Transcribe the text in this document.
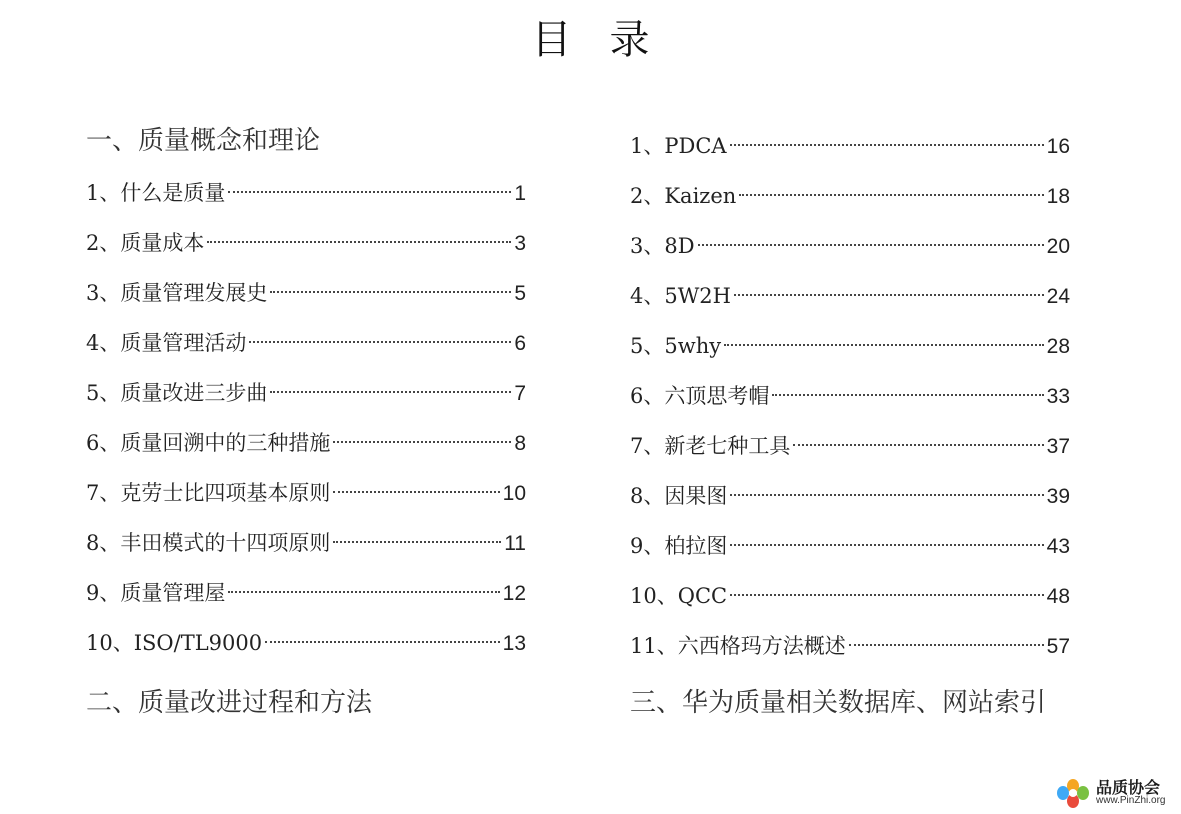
目 录
一、质量概念和理论
1、什么是质量	1
2、质量成本	3
3、质量管理发展史	5
4、质量管理活动	6
5、质量改进三步曲	7
6、质量回溯中的三种措施	8
7、克劳士比四项基本原则	10
8、丰田模式的十四项原则	11
9、质量管理屋	12
10、ISO/TL9000	13
二、质量改进过程和方法
1、PDCA	16
2、Kaizen	18
3、8D	20
4、5W2H	24
5、5why	28
6、六顶思考帽	33
7、新老七种工具	37
8、因果图	39
9、柏拉图	43
10、QCC	48
11、六西格玛方法概述	57
三、华为质量相关数据库、网站索引
品质协会
www.PinZhi.org
